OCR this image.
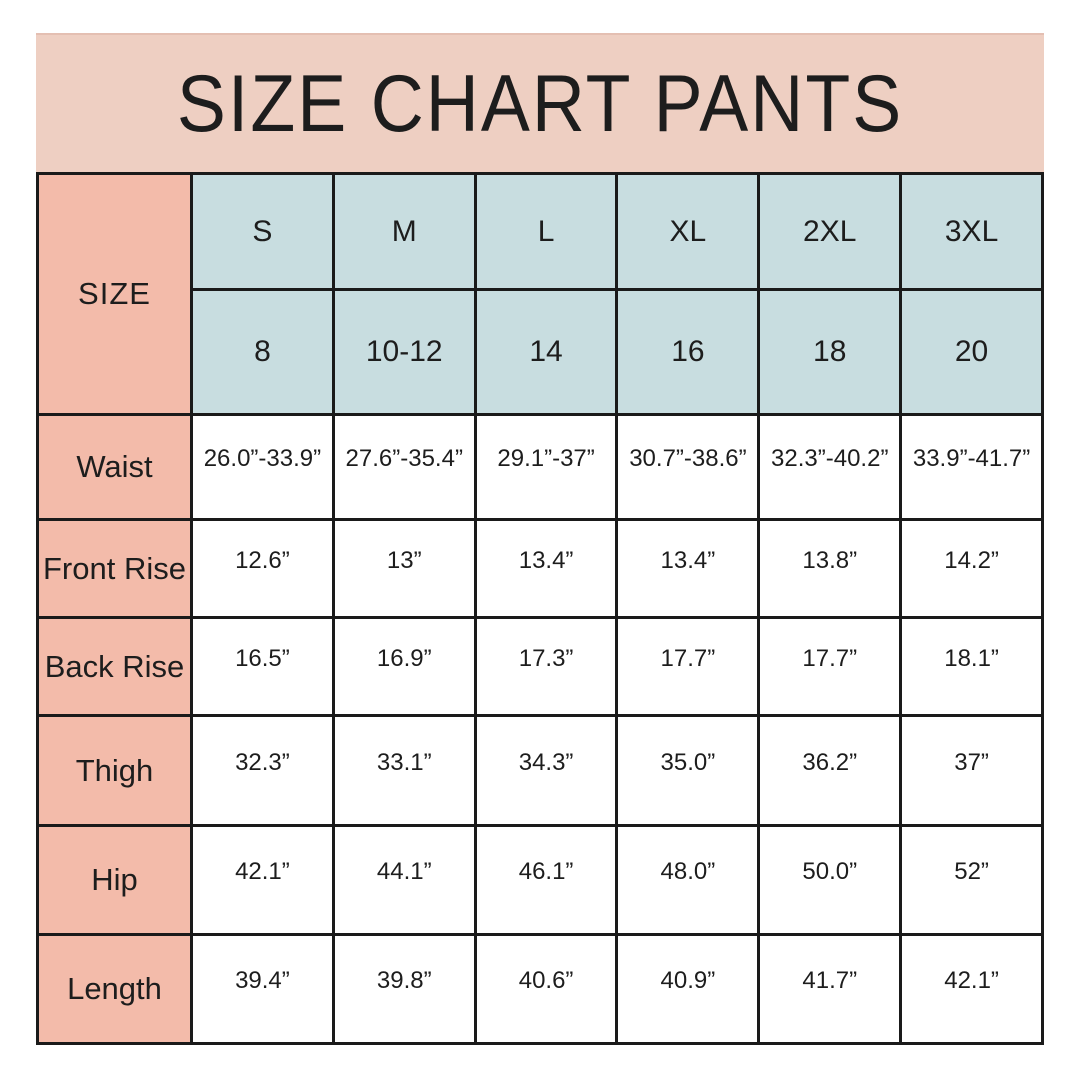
SIZE CHART PANTS
SIZE
S	M	L	XL	2XL	3XL
8	10-12	14	16	18	20
Waist	26.0”-33.9”	27.6”-35.4”	29.1”-37”	30.7”-38.6”	32.3”-40.2”	33.9”-41.7”
Front Rise	12.6”	13”	13.4”	13.4”	13.8”	14.2”
Back Rise	16.5”	16.9”	17.3”	17.7”	17.7”	18.1”
Thigh	32.3”	33.1”	34.3”	35.0”	36.2”	37”
Hip	42.1”	44.1”	46.1”	48.0”	50.0”	52”
Length	39.4”	39.8”	40.6”	40.9”	41.7”	42.1”
